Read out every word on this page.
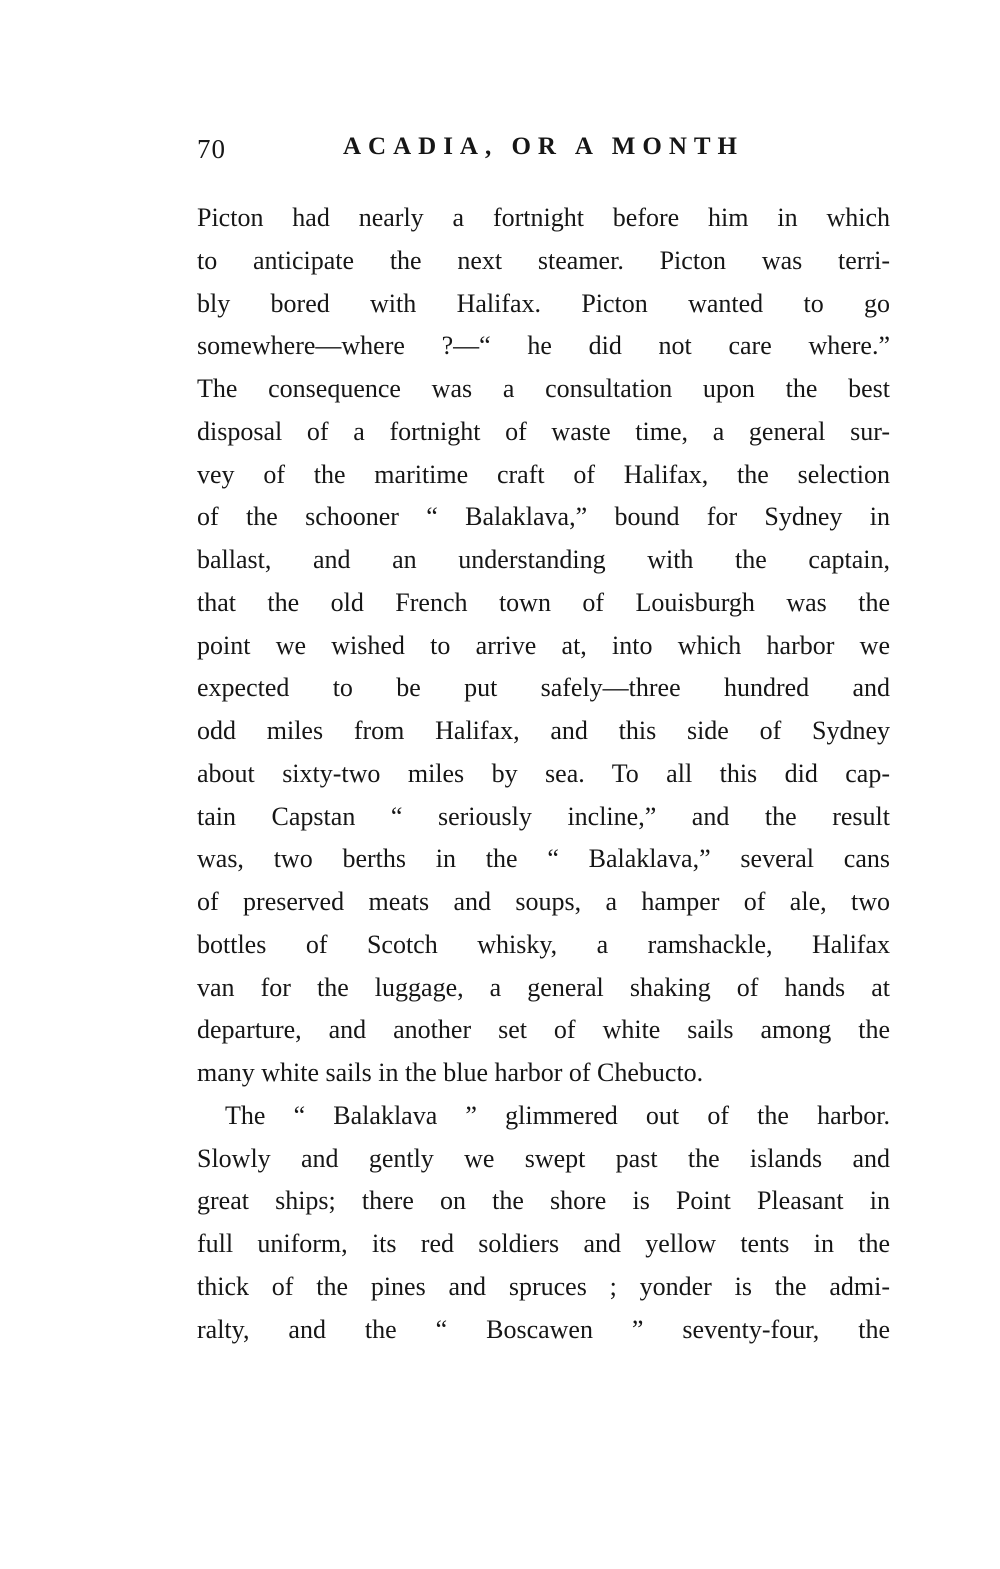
70	ACADIA, OR A MONTH

Picton had nearly a fortnight before him in which
to anticipate the next steamer. Picton was terri-
bly bored with Halifax. Picton wanted to go
somewhere—where ?—“ he did not care where.”
The consequence was a consultation upon the best
disposal of a fortnight of waste time, a general sur-
vey of the maritime craft of Halifax, the selection
of the schooner “ Balaklava,” bound for Sydney in
ballast, and an understanding with the captain,
that the old French town of Louisburgh was the
point we wished to arrive at, into which harbor we
expected to be put safely—three hundred and
odd miles from Halifax, and this side of Sydney
about sixty-two miles by sea. To all this did cap-
tain Capstan “ seriously incline,” and the result
was, two berths in the “ Balaklava,” several cans
of preserved meats and soups, a hamper of ale, two
bottles of Scotch whisky, a ramshackle, Halifax
van for the luggage, a general shaking of hands at
departure, and another set of white sails among the
many white sails in the blue harbor of Chebucto.

The “ Balaklava ” glimmered out of the harbor.
Slowly and gently we swept past the islands and
great ships; there on the shore is Point Pleasant in
full uniform, its red soldiers and yellow tents in the
thick of the pines and spruces ; yonder is the admi-
ralty, and the “ Boscawen ” seventy-four, the
